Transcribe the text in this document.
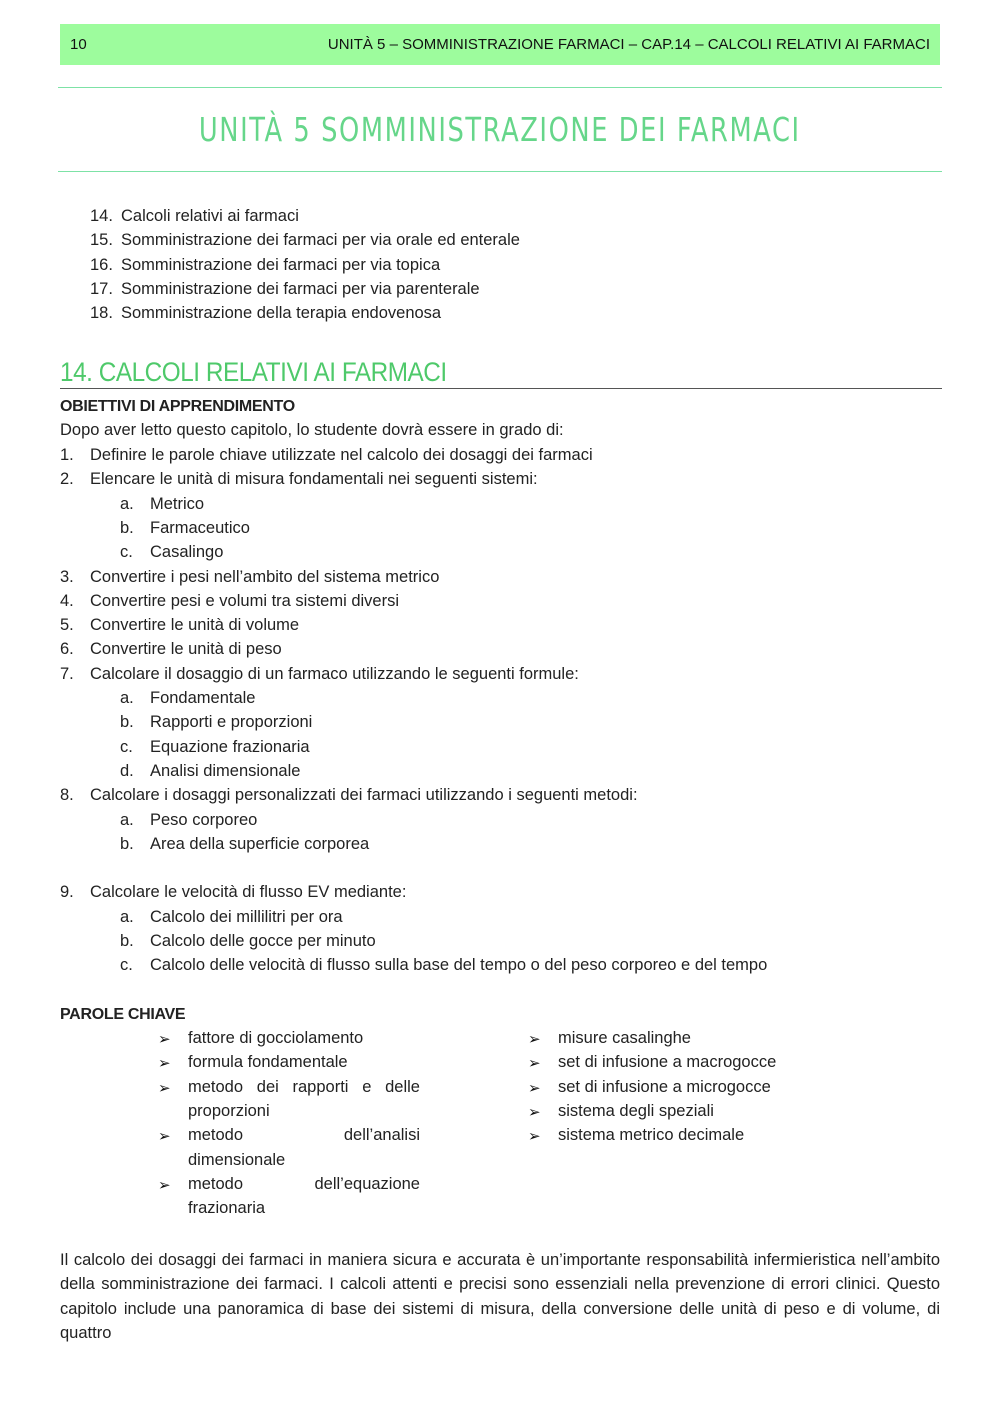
10	UNITÀ 5 – SOMMINISTRAZIONE FARMACI – CAP.14 – CALCOLI RELATIVI AI FARMACI
UNITÀ 5 SOMMINISTRAZIONE DEI FARMACI
14. Calcoli relativi ai farmaci
15. Somministrazione dei farmaci per via orale ed enterale
16. Somministrazione dei farmaci per via topica
17. Somministrazione dei farmaci per via parenterale
18. Somministrazione della terapia endovenosa
14. CALCOLI RELATIVI AI FARMACI
OBIETTIVI DI APPRENDIMENTO
Dopo aver letto questo capitolo, lo studente dovrà essere in grado di:
1. Definire le parole chiave utilizzate nel calcolo dei dosaggi dei farmaci
2. Elencare le unità di misura fondamentali nei seguenti sistemi:
a. Metrico
b. Farmaceutico
c. Casalingo
3. Convertire i pesi nell’ambito del sistema metrico
4. Convertire pesi e volumi tra sistemi diversi
5. Convertire le unità di volume
6. Convertire le unità di peso
7. Calcolare il dosaggio di un farmaco utilizzando le seguenti formule:
a. Fondamentale
b. Rapporti e proporzioni
c. Equazione frazionaria
d. Analisi dimensionale
8. Calcolare i dosaggi personalizzati dei farmaci utilizzando i seguenti metodi:
a. Peso corporeo
b. Area della superficie corporea
9. Calcolare le velocità di flusso EV mediante:
a. Calcolo dei millilitri per ora
b. Calcolo delle gocce per minuto
c. Calcolo delle velocità di flusso sulla base del tempo o del peso corporeo e del tempo
PAROLE CHIAVE
➢ fattore di gocciolamento
➢ formula fondamentale
➢ metodo dei rapporti e delle
proporzioni
➢ metodo	dell’analisi
dimensionale
➢ metodo	dell’equazione
frazionaria
➢ misure casalinghe
➢ set di infusione a macrogocce
➢ set di infusione a microgocce
➢ sistema degli speziali
➢ sistema metrico decimale
Il calcolo dei dosaggi dei farmaci in maniera sicura e accurata è un’importante responsabilità infermieristica nell’ambito della somministrazione dei farmaci. I calcoli attenti e precisi sono essenziali nella prevenzione di errori clinici. Questo capitolo include una panoramica di base dei sistemi di misura, della conversione delle unità di peso e di volume, di quattro
